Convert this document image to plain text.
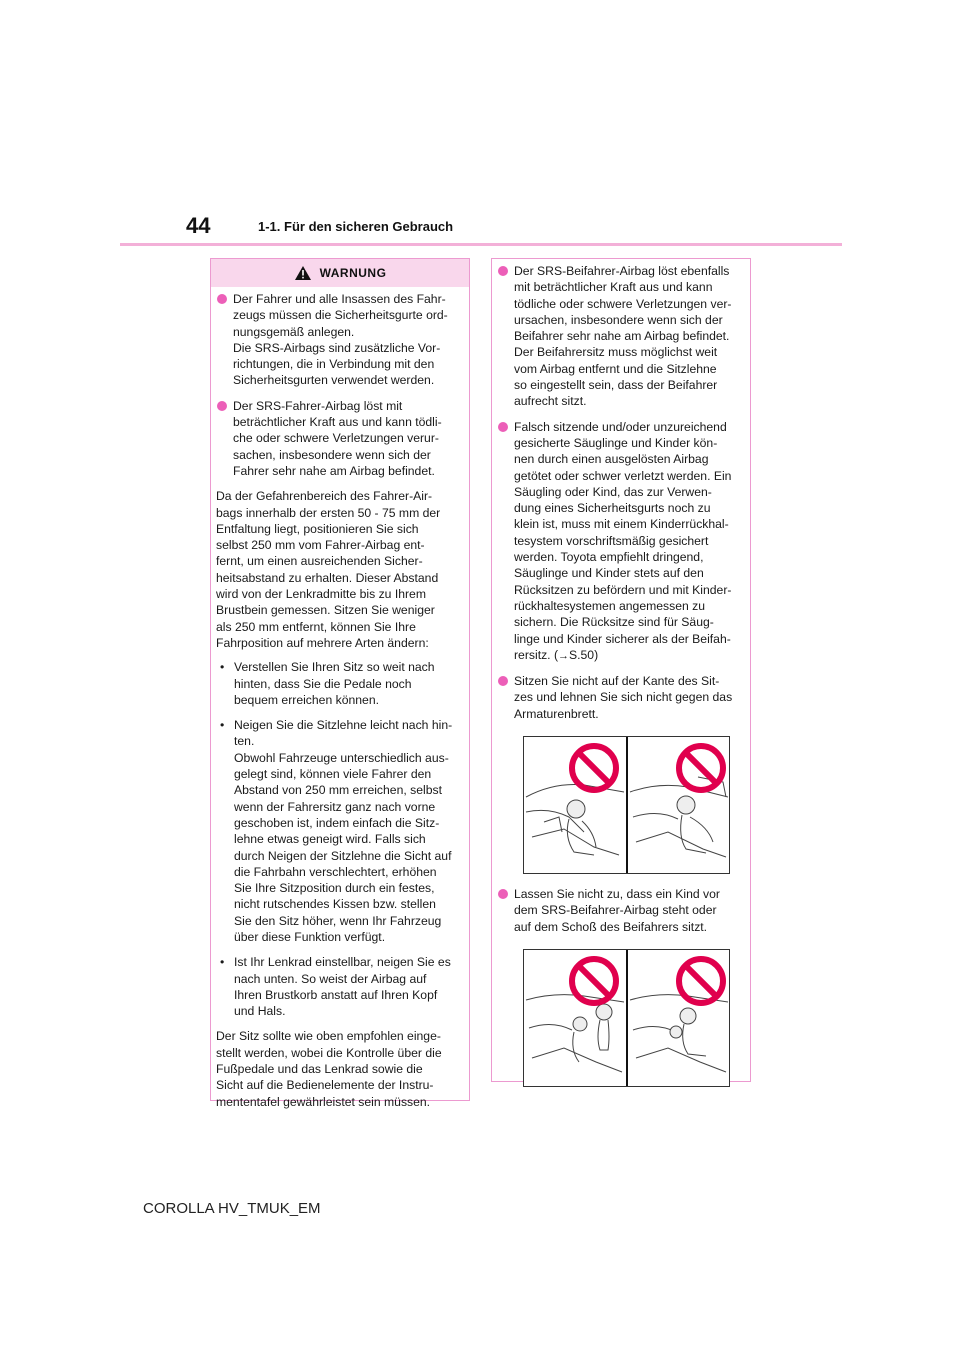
44	1-1. Für den sicheren Gebrauch
WARNUNG
Der Fahrer und alle Insassen des Fahr-
zeugs müssen die Sicherheitsgurte ord-
nungsgemäß anlegen.
Die SRS-Airbags sind zusätzliche Vor-
richtungen, die in Verbindung mit den
Sicherheitsgurten verwendet werden.
Der SRS-Fahrer-Airbag löst mit
beträchtlicher Kraft aus und kann tödli-
che oder schwere Verletzungen verur-
sachen, insbesondere wenn sich der
Fahrer sehr nahe am Airbag befindet.

Da der Gefahrenbereich des Fahrer-Air-
bags innerhalb der ersten 50 - 75 mm der
Entfaltung liegt, positionieren Sie sich
selbst 250 mm vom Fahrer-Airbag ent-
fernt, um einen ausreichenden Sicher-
heitsabstand zu erhalten. Dieser Abstand
wird von der Lenkradmitte bis zu Ihrem
Brustbein gemessen. Sitzen Sie weniger
als 250 mm entfernt, können Sie Ihre
Fahrposition auf mehrere Arten ändern:

• Verstellen Sie Ihren Sitz so weit nach
hinten, dass Sie die Pedale noch
bequem erreichen können.
• Neigen Sie die Sitzlehne leicht nach hin-
ten.
Obwohl Fahrzeuge unterschiedlich aus-
gelegt sind, können viele Fahrer den
Abstand von 250 mm erreichen, selbst
wenn der Fahrersitz ganz nach vorne
geschoben ist, indem einfach die Sitz-
lehne etwas geneigt wird. Falls sich
durch Neigen der Sitzlehne die Sicht auf
die Fahrbahn verschlechtert, erhöhen
Sie Ihre Sitzposition durch ein festes,
nicht rutschendes Kissen bzw. stellen
Sie den Sitz höher, wenn Ihr Fahrzeug
über diese Funktion verfügt.
• Ist Ihr Lenkrad einstellbar, neigen Sie es
nach unten. So weist der Airbag auf
Ihren Brustkorb anstatt auf Ihren Kopf
und Hals.

Der Sitz sollte wie oben empfohlen einge-
stellt werden, wobei die Kontrolle über die
Fußpedale und das Lenkrad sowie die
Sicht auf die Bedienelemente der Instru-
mententafel gewährleistet sein müssen.

Der SRS-Beifahrer-Airbag löst ebenfalls
mit beträchtlicher Kraft aus und kann
tödliche oder schwere Verletzungen ver-
ursachen, insbesondere wenn sich der
Beifahrer sehr nahe am Airbag befindet.
Der Beifahrersitz muss möglichst weit
vom Airbag entfernt und die Sitzlehne
so eingestellt sein, dass der Beifahrer
aufrecht sitzt.
Falsch sitzende und/oder unzureichend
gesicherte Säuglinge und Kinder kön-
nen durch einen ausgelösten Airbag
getötet oder schwer verletzt werden. Ein
Säugling oder Kind, das zur Verwen-
dung eines Sicherheitsgurts noch zu
klein ist, muss mit einem Kinderrückhal-
tesystem vorschriftsmäßig gesichert
werden. Toyota empfiehlt dringend,
Säuglinge und Kinder stets auf den
Rücksitzen zu befördern und mit Kinder-
rückhaltesystemen angemessen zu
sichern. Die Rücksitze sind für Säug-
linge und Kinder sicherer als der Beifah-
rersitz. (→S.50)
Sitzen Sie nicht auf der Kante des Sit-
zes und lehnen Sie sich nicht gegen das
Armaturenbrett.
Lassen Sie nicht zu, dass ein Kind vor
dem SRS-Beifahrer-Airbag steht oder
auf dem Schoß des Beifahrers sitzt.
COROLLA HV_TMUK_EM
